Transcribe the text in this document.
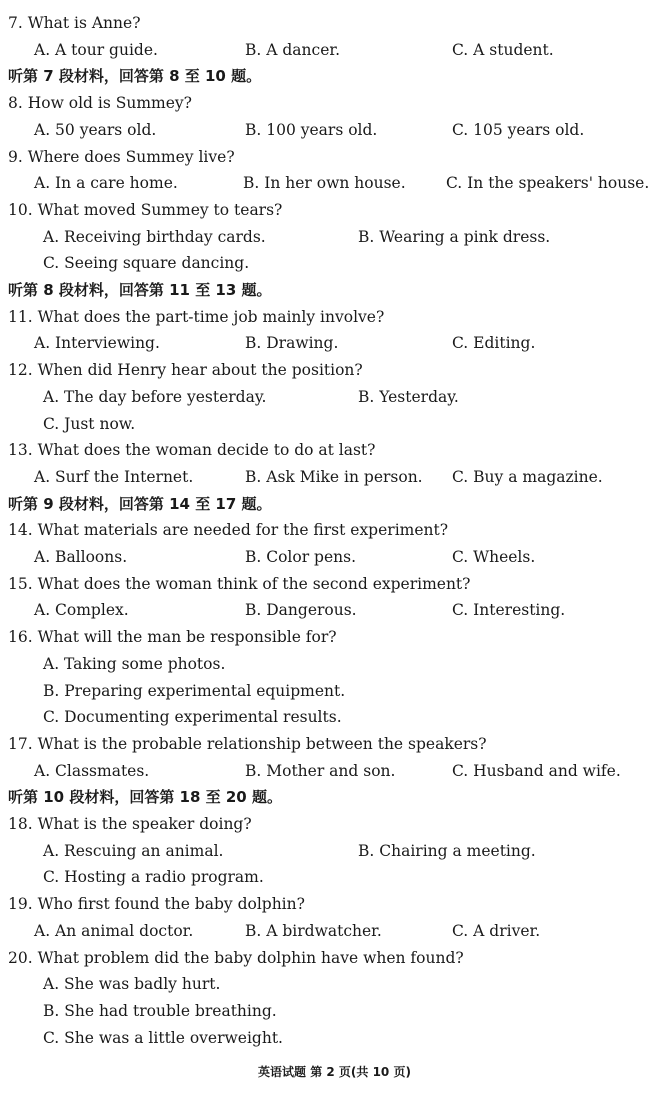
7. What is Anne?
A. A tour guide.	B. A dancer.	C. A student.
听第 7 段材料，回答第 8 至 10 题。
8. How old is Summey?
A. 50 years old.	B. 100 years old.	C. 105 years old.
9. Where does Summey live?
A. In a care home.	B. In her own house.	C. In the speakers' house.
10. What moved Summey to tears?
A. Receiving birthday cards.	B. Wearing a pink dress.
C. Seeing square dancing.
听第 8 段材料，回答第 11 至 13 题。
11. What does the part-time job mainly involve?
A. Interviewing.	B. Drawing.	C. Editing.
12. When did Henry hear about the position?
A. The day before yesterday.	B. Yesterday.
C. Just now.
13. What does the woman decide to do at last?
A. Surf the Internet.	B. Ask Mike in person. C. Buy a magazine.
听第 9 段材料，回答第 14 至 17 题。
14. What materials are needed for the first experiment?
A. Balloons.	B. Color pens.	C. Wheels.
15. What does the woman think of the second experiment?
A. Complex.	B. Dangerous.	C. Interesting.
16. What will the man be responsible for?
A. Taking some photos.
B. Preparing experimental equipment.
C. Documenting experimental results.
17. What is the probable relationship between the speakers?
A. Classmates.	B. Mother and son.	C. Husband and wife.
听第 10 段材料，回答第 18 至 20 题。
18. What is the speaker doing?
A. Rescuing an animal.	B. Chairing a meeting.
C. Hosting a radio program.
19. Who first found the baby dolphin?
A. An animal doctor.	B. A birdwatcher.	C. A driver.
20. What problem did the baby dolphin have when found?
A. She was badly hurt.
B. She had trouble breathing.
C. She was a little overweight.
英语试题 第 2 页(共 10 页)
